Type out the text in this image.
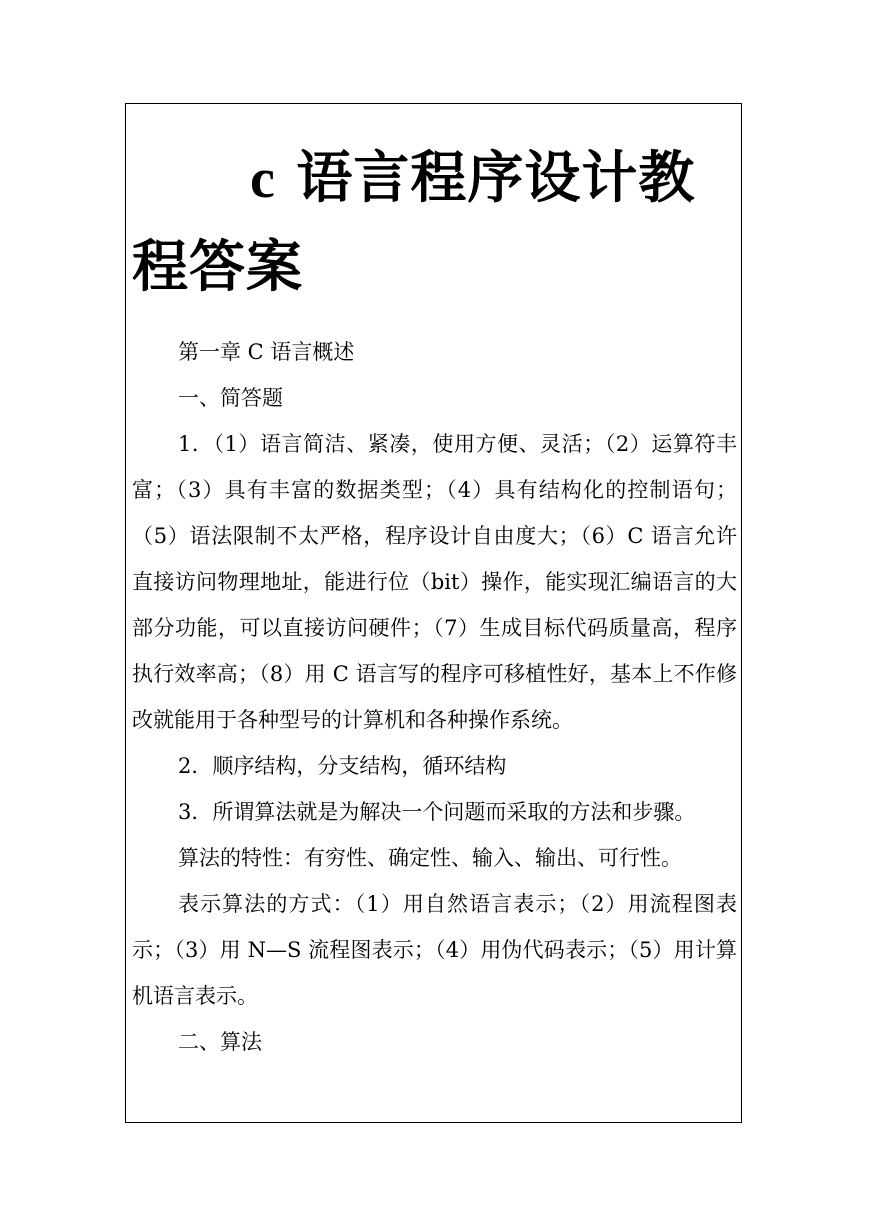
c 语言程序设计教
程答案

第一章 C 语言概述

一、简答题

1．（1）语言简洁、紧凑，使用方便、灵活；（2）运算符丰富；（3）具有丰富的数据类型；（4）具有结构化的控制语句；（5）语法限制不太严格，程序设计自由度大；（6）C 语言允许直接访问物理地址，能进行位（bit）操作，能实现汇编语言的大部分功能，可以直接访问硬件；（7）生成目标代码质量高，程序执行效率高；（8）用 C 语言写的程序可移植性好，基本上不作修改就能用于各种型号的计算机和各种操作系统。

2．顺序结构，分支结构，循环结构

3．所谓算法就是为解决一个问题而采取的方法和步骤。

算法的特性：有穷性、确定性、输入、输出、可行性。

表示算法的方式：（1）用自然语言表示；（2）用流程图表示；（3）用 N—S 流程图表示；（4）用伪代码表示；（5）用计算机语言表示。

二、算法
